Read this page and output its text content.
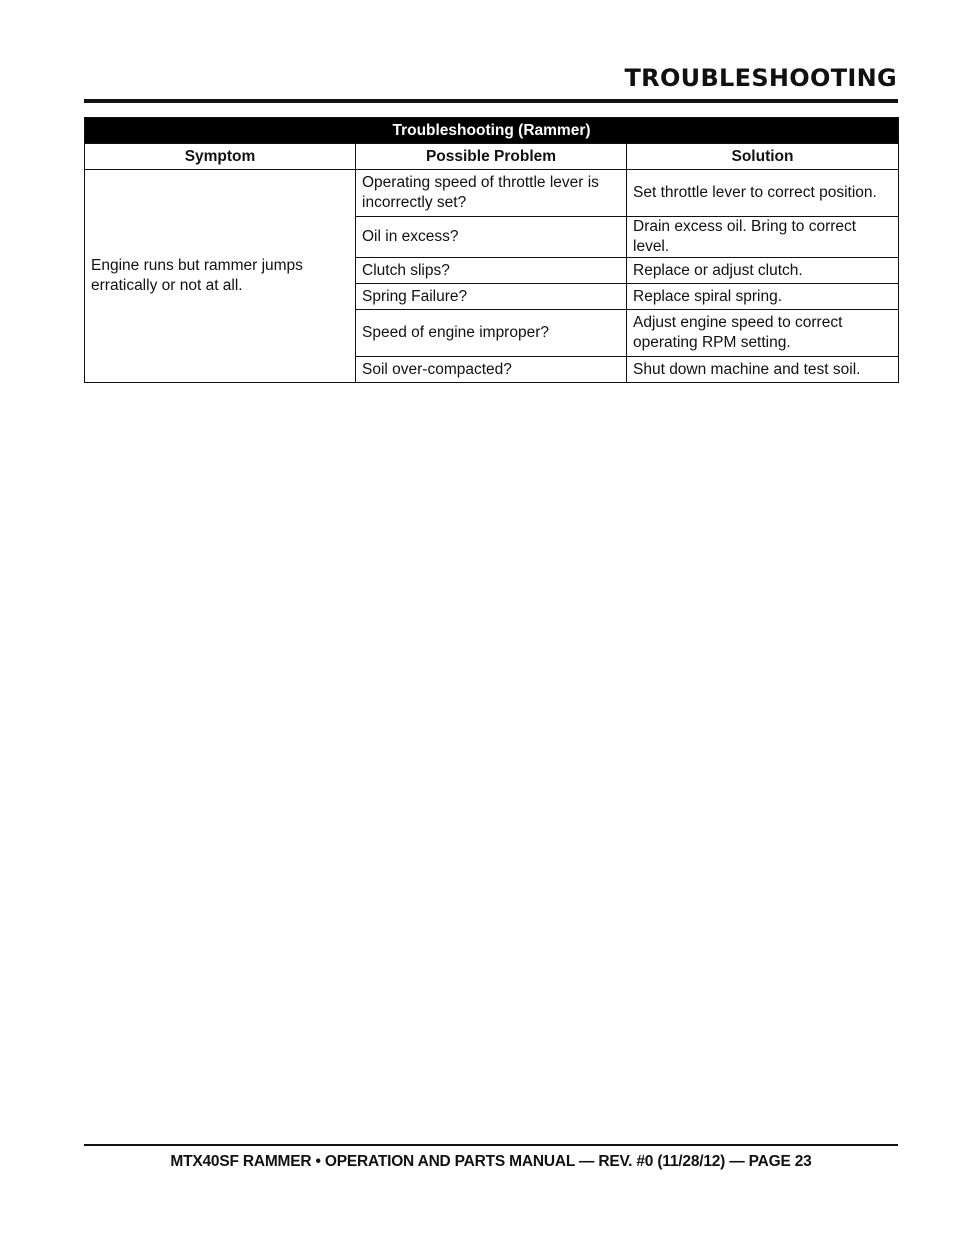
TROUBLESHOOTING
Troubleshooting (Rammer)		
Symptom	Possible Problem	Solution
Engine runs but rammer jumps erratically or not at all.	Operating speed of throttle lever is incorrectly set?	Set throttle lever to correct position.
	Oil in excess?	Drain excess oil. Bring to correct level.
	Clutch slips?	Replace or adjust clutch.
	Spring Failure?	Replace spiral spring.
	Speed of engine improper?	Adjust engine speed to correct operating RPM setting.
	Soil over-compacted?	Shut down machine and test soil.
MTX40SF RAMMER • OPERATION AND PARTS MANUAL — REV. #0 (11/28/12) — PAGE 23
